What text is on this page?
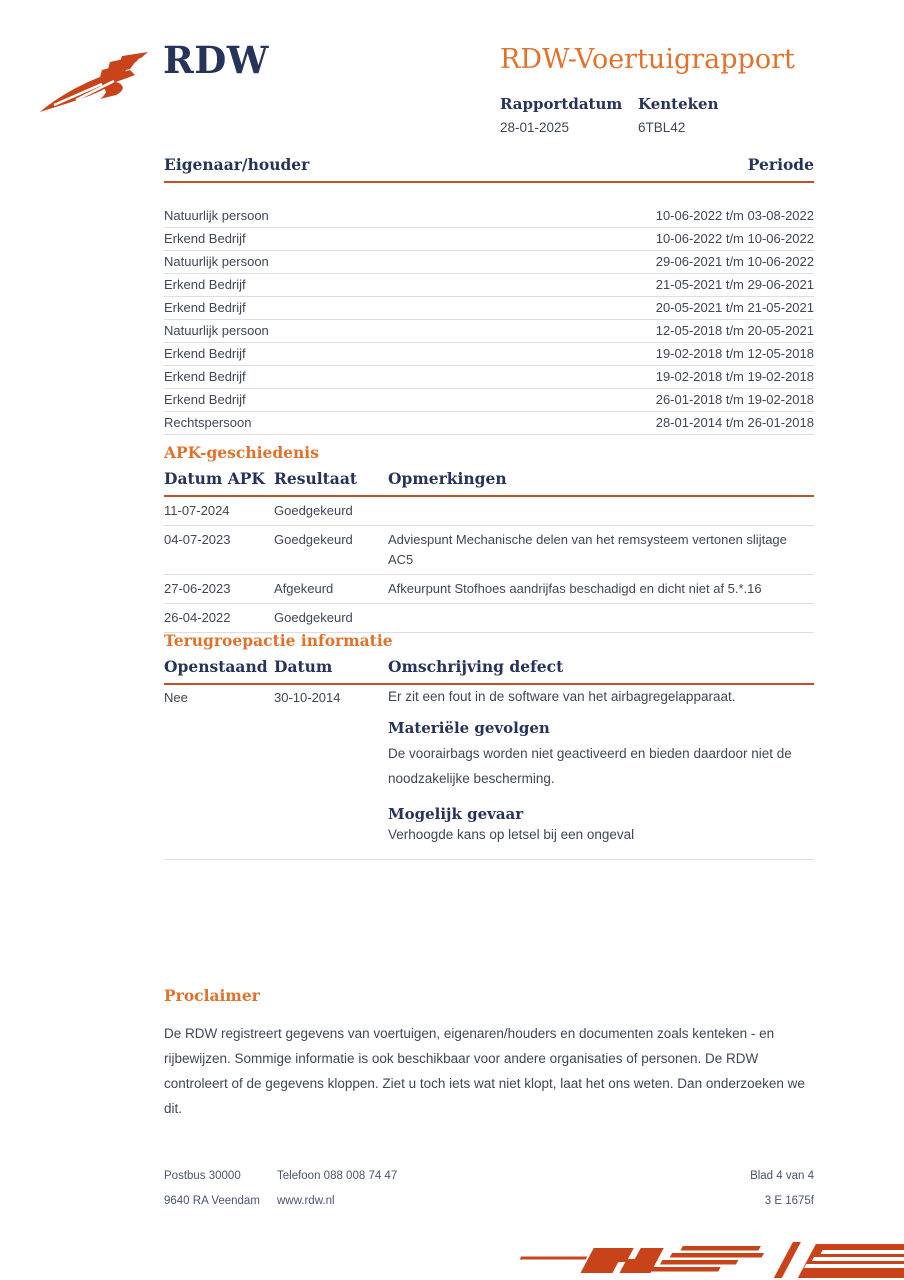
RDW	RDW-Voertuigrapport
Rapportdatum
28-01-2025
Kenteken
6TBL42
Eigenaar/houder	Periode
Natuurlijk persoon	10-06-2022 t/m 03-08-2022
Erkend Bedrijf	10-06-2022 t/m 10-06-2022
Natuurlijk persoon	29-06-2021 t/m 10-06-2022
Erkend Bedrijf	21-05-2021 t/m 29-06-2021
Erkend Bedrijf	20-05-2021 t/m 21-05-2021
Natuurlijk persoon	12-05-2018 t/m 20-05-2021
Erkend Bedrijf	19-02-2018 t/m 12-05-2018
Erkend Bedrijf	19-02-2018 t/m 19-02-2018
Erkend Bedrijf	26-01-2018 t/m 19-02-2018
Rechtspersoon	28-01-2014 t/m 26-01-2018
APK-geschiedenis
Datum APK Resultaat	Opmerkingen
11-07-2024	Goedgekeurd
04-07-2023	Goedgekeurd	Adviespunt Mechanische delen van het remsysteem vertonen slijtage AC5
27-06-2023	Afgekeurd	Afkeurpunt Stofhoes aandrijfas beschadigd en dicht niet af 5.*.16
26-04-2022	Goedgekeurd
Terugroepactie informatie
Openstaand Datum	Omschrijving defect
Nee	30-10-2014	Er zit een fout in de software van het airbagregelapparaat.
Materiële gevolgen
De voorairbags worden niet geactiveerd en bieden daardoor niet de noodzakelijke bescherming.
Mogelijk gevaar
Verhoogde kans op letsel bij een ongeval
Proclaimer
De RDW registreert gegevens van voertuigen, eigenaren/houders en documenten zoals kenteken - en rijbewijzen. Sommige informatie is ook beschikbaar voor andere organisaties of personen. De RDW controleert of de gegevens kloppen. Ziet u toch iets wat niet klopt, laat het ons weten. Dan onderzoeken we dit.
Postbus 30000	Telefoon 088 008 74 47	Blad 4 van 4
9640 RA Veendam	www.rdw.nl	3 E 1675f
